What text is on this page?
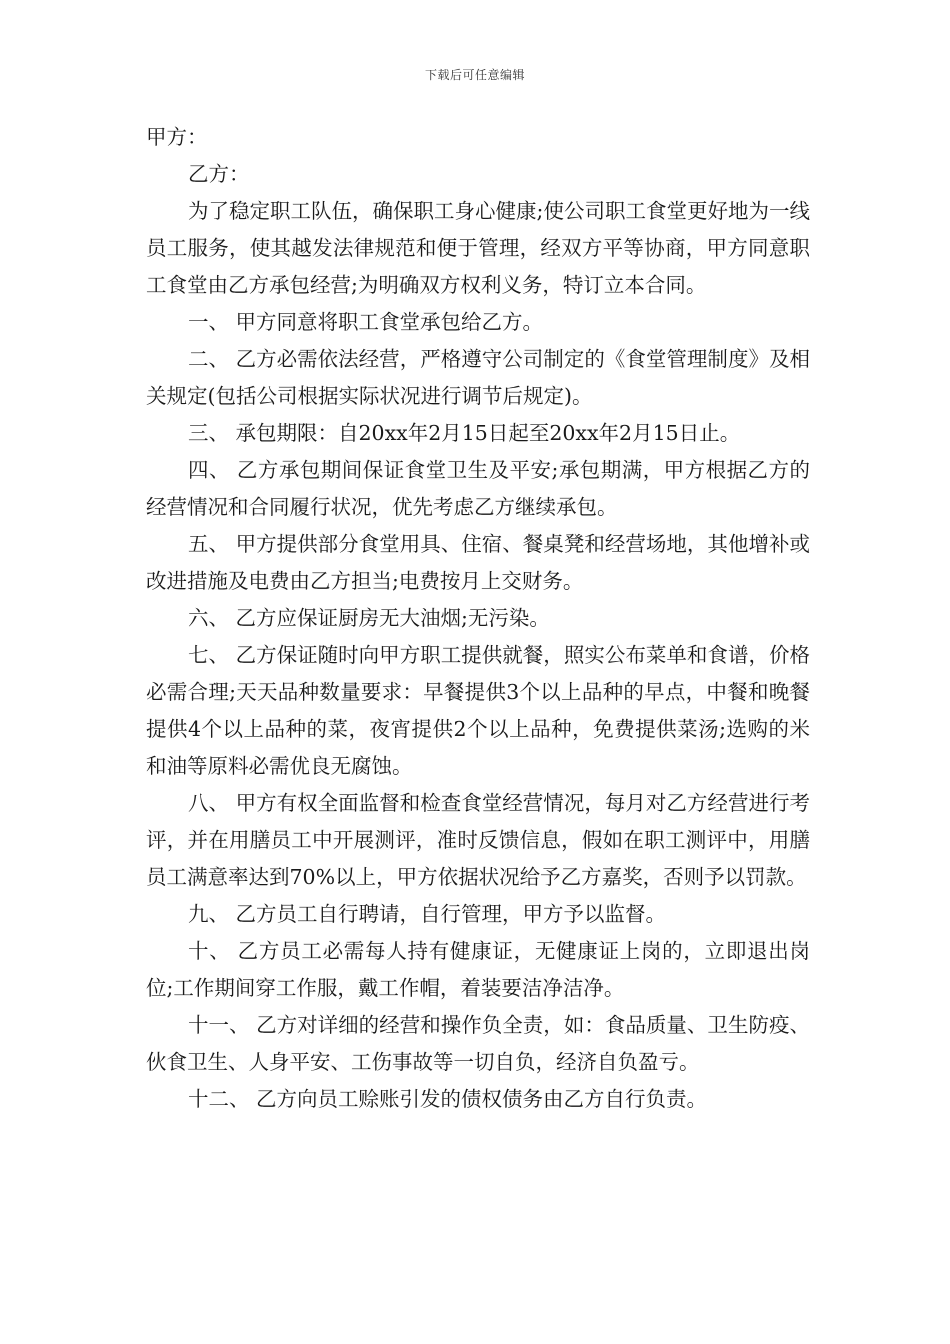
下载后可任意编辑

甲方：

乙方：

为了稳定职工队伍，确保职工身心健康;使公司职工食堂更好地为一线员工服务，使其越发法律规范和便于管理，经双方平等协商，甲方同意职工食堂由乙方承包经营;为明确双方权利义务，特订立本合同。

一、 甲方同意将职工食堂承包给乙方。

二、 乙方必需依法经营，严格遵守公司制定的《食堂管理制度》及相关规定(包括公司根据实际状况进行调节后规定)。

三、 承包期限：自20xx年2月15日起至20xx年2月15日止。

四、 乙方承包期间保证食堂卫生及平安;承包期满，甲方根据乙方的经营情况和合同履行状况，优先考虑乙方继续承包。

五、 甲方提供部分食堂用具、住宿、餐桌凳和经营场地，其他增补或改进措施及电费由乙方担当;电费按月上交财务。

六、 乙方应保证厨房无大油烟;无污染。

七、 乙方保证随时向甲方职工提供就餐，照实公布菜单和食谱，价格必需合理;天天品种数量要求：早餐提供3个以上品种的早点，中餐和晚餐提供4个以上品种的菜，夜宵提供2个以上品种，免费提供菜汤;选购的米和油等原料必需优良无腐蚀。

八、 甲方有权全面监督和检查食堂经营情况，每月对乙方经营进行考评，并在用膳员工中开展测评，准时反馈信息，假如在职工测评中，用膳员工满意率达到70%以上，甲方依据状况给予乙方嘉奖，否则予以罚款。

九、 乙方员工自行聘请，自行管理，甲方予以监督。

十、 乙方员工必需每人持有健康证，无健康证上岗的，立即退出岗位;工作期间穿工作服，戴工作帽，着装要洁净洁净。

十一、 乙方对详细的经营和操作负全责，如：食品质量、卫生防疫、伙食卫生、人身平安、工伤事故等一切自负，经济自负盈亏。

十二、 乙方向员工赊账引发的债权债务由乙方自行负责。
